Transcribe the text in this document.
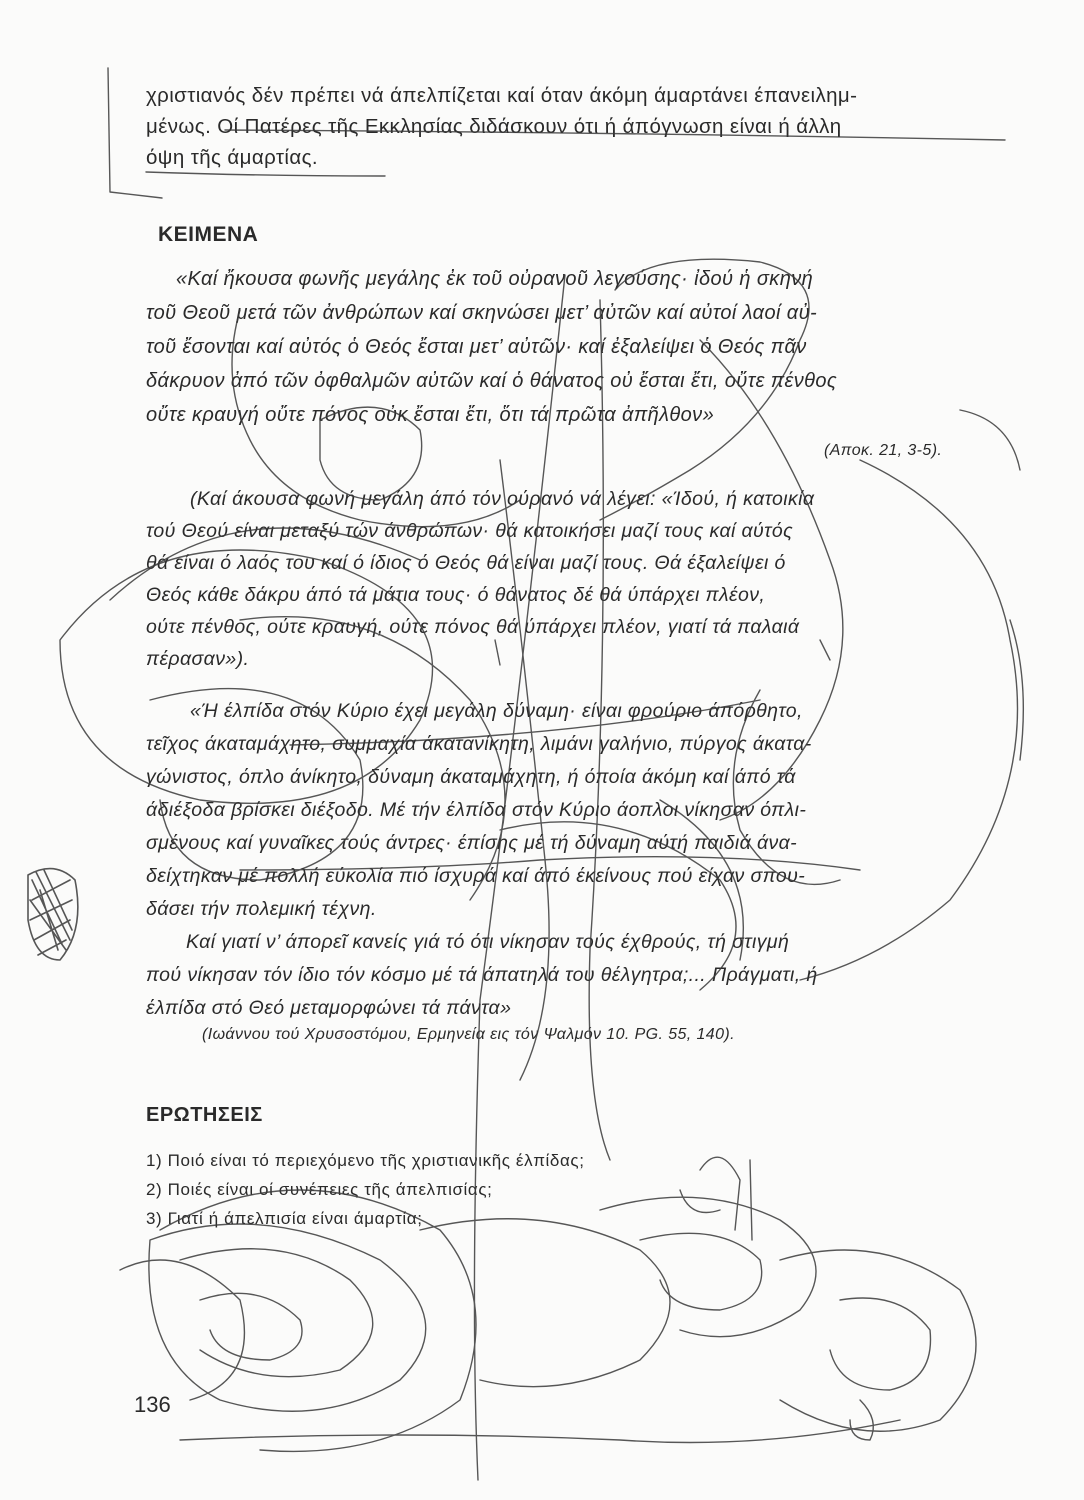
χριστιανός δέν πρέπει νά άπελπίζεται καί όταν άκόμη άμαρτάνει έπανειλημ-
μένως. Οί Πατέρες τῆς Εκκλησίας διδάσκουν ότι ή άπόγνωση είναι ή άλλη
όψη τῆς άμαρτίας.
ΚΕΙΜΕΝΑ
«Καί ἤκουσα φωνῆς μεγάλης ἐκ τοῦ οὐρανοῦ λεγούσης· ἰδού ἡ σκηνή
τοῦ Θεοῦ μετά τῶν ἀνθρώπων καί σκηνώσει μετ’ αὐτῶν καί αὐτοί λαοί αὐ-
τοῦ ἔσονται καί αὐτός ὁ Θεός ἔσται μετ’ αὐτῶν· καί ἐξαλείψει ὁ Θεός πᾶν
δάκρυον ἀπό τῶν ὀφθαλμῶν αὐτῶν καί ὁ θάνατος οὐ ἔσται ἔτι, οὔτε πένθος
οὔτε κραυγή οὔτε πόνος οὐκ ἔσται ἔτι, ὅτι τά πρῶτα ἀπῆλθον»
(Αποκ. 21, 3-5).
(Καί άκουσα φωνή μεγάλη άπό τόν ούρανό νά λέγει: «Ίδού, ή κατοικία
τού Θεού είναι μεταξύ τών άνθρώπων· θά κατοικήσει μαζί τους καί αύτός
θά είναι ό λαός του καί ό ίδιος ό Θεός θά είναι μαζί τους. Θά έξαλείψει ό
Θεός κάθε δάκρυ άπό τά μάτια τους· ό θάνατος δέ θά ύπάρχει πλέον,
ούτε πένθος, ούτε κραυγή, ούτε πόνος θά ύπάρχει πλέον, γιατί τά παλαιά
πέρασαν»).
«Ή έλπίδα στόν Κύριο έχει μεγάλη δύναμη· είναι φρούριο άπόρθητο,
τεῖχος άκαταμάχητο, συμμαχία άκατανίκητη, λιμάνι γαλήνιο, πύργος άκατα-
γώνιστος, όπλο άνίκητο, δύναμη άκαταμάχητη, ή όποία άκόμη καί άπό τά
άδιέξοδα βρίσκει διέξοδο. Μέ τήν έλπίδα στόν Κύριο άοπλοι νίκησαν όπλι-
σμένους καί γυναῖκες τούς άντρες· έπίσης μέ τή δύναμη αύτή παιδιά άνα-
δείχτηκαν μέ πολλή εύκολία πιό ίσχυρά καί άπό έκείνους πού είχαν σπου-
δάσει τήν πολεμική τέχνη.
Καί γιατί ν’ άπορεῖ κανείς γιά τό ότι νίκησαν τούς έχθρούς, τή στιγμή
πού νίκησαν τόν ίδιο τόν κόσμο μέ τά άπατηλά του θέλγητρα;... Πράγματι, ή
έλπίδα στό Θεό μεταμορφώνει τά πάντα»
(Ιωάννου τού Χρυσοστόμου, Ερμηνεία εις τόν Ψαλμόν 10. PG. 55, 140).
ΕΡΩΤΗΣΕΙΣ
1) Ποιό είναι τό περιεχόμενο τῆς χριστιανικῆς έλπίδας;
2) Ποιές είναι οί συνέπειες τῆς άπελπισίας;
3) Γιατί ή άπελπισία είναι άμαρτία;
136
